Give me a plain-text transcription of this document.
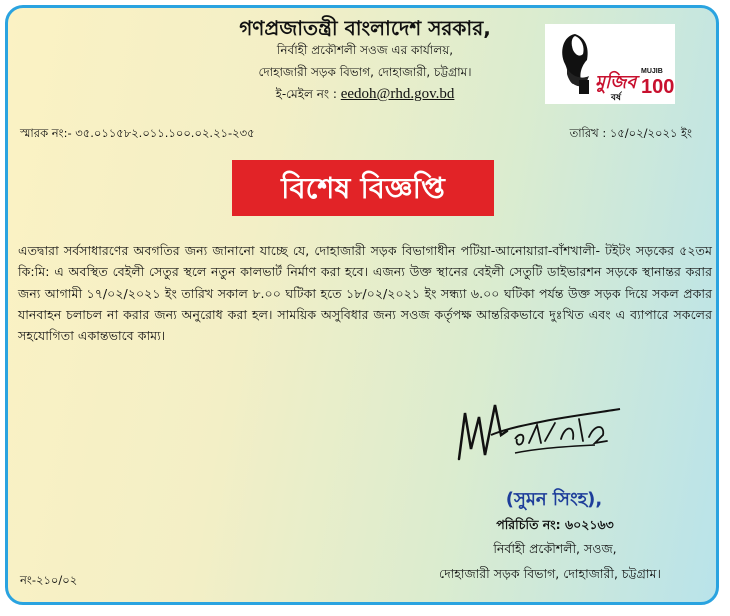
গণপ্রজাতন্ত্রী বাংলাদেশ সরকার,
নির্বাহী প্রকৌশলী সওজ এর কার্যালয়,
দোহাজারী সড়ক বিভাগ, দোহাজারী, চট্টগ্রাম।
ই-মেইল নং : eedoh@rhd.gov.bd
মুজিব
বর্ষ
MUJIB
100
স্মারক নং:- ৩৫.০১১৫৮২.০১১.১০০.০২.২১-২৩৫	তারিখ : ১৫/০২/২০২১ ইং
বিশেষ বিজ্ঞপ্তি
এতদ্বারা সর্বসাধারণের অবগতির জন্য জানানো যাচ্ছে যে, দোহাজারী সড়ক বিভাগাধীন পটিয়া-আনোয়ারা-বাঁশখালী- টইটং সড়কের ৫২তম কি:মি: এ অবস্থিত বেইলী সেতুর স্থলে নতুন কালভার্ট নির্মাণ করা হবে। এজন্য উক্ত স্থানের বেইলী সেতুটি ডাইভারশন সড়কে স্থানান্তর করার জন্য আগামী ১৭/০২/২০২১ ইং তারিখ সকাল ৮.০০ ঘটিকা হতে ১৮/০২/২০২১ ইং সন্ধ্যা ৬.০০ ঘটিকা পর্যন্ত উক্ত সড়ক দিয়ে সকল প্রকার যানবাহন চলাচল না করার জন্য অনুরোধ করা হল। সাময়িক অসুবিধার জন্য সওজ কর্তৃপক্ষ আন্তরিকভাবে দুঃখিত এবং এ ব্যাপারে সকলের সহযোগিতা একান্তভাবে কাম্য।
(সুমন সিংহ),
পরিচিতি নং: ৬০২১৬৩
নির্বাহী প্রকৌশলী, সওজ,
দোহাজারী সড়ক বিভাগ, দোহাজারী, চট্টগ্রাম।
নং-২১০/০২
